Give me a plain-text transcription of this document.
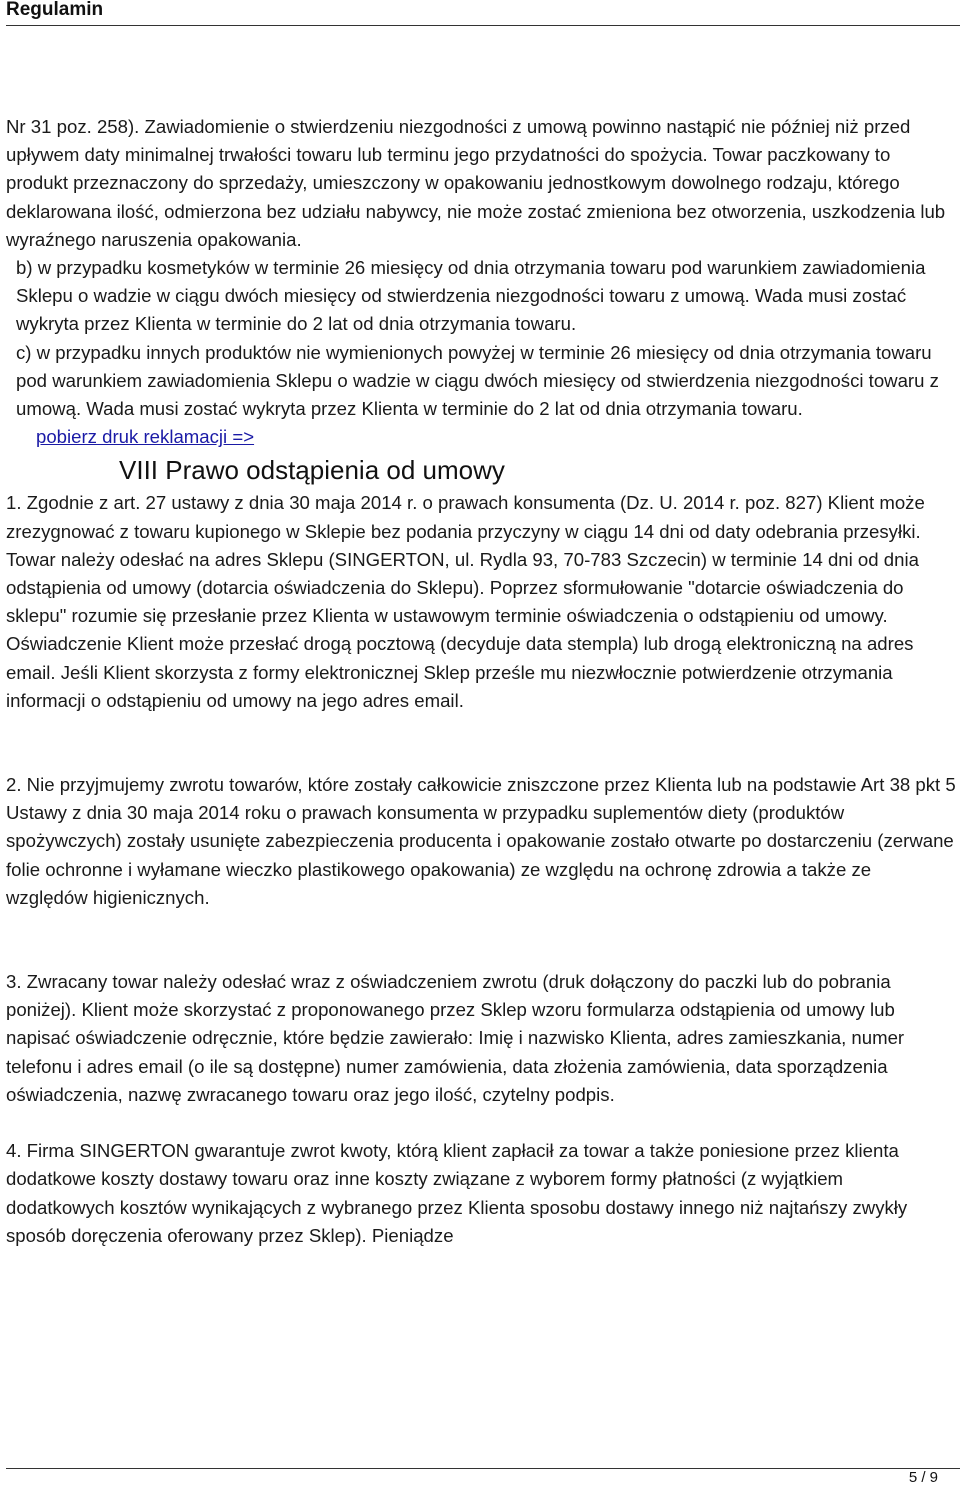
Regulamin

Nr 31 poz. 258). Zawiadomienie o stwierdzeniu niezgodności z umową powinno nastąpić nie później niż przed upływem daty minimalnej trwałości towaru lub terminu jego przydatności do spożycia. Towar paczkowany to produkt przeznaczony do sprzedaży, umieszczony w opakowaniu jednostkowym dowolnego rodzaju, którego deklarowana ilość, odmierzona bez udziału nabywcy, nie może zostać zmieniona bez otworzenia, uszkodzenia lub wyraźnego naruszenia opakowania.

b) w przypadku kosmetyków w terminie 26 miesięcy od dnia otrzymania towaru pod warunkiem zawiadomienia Sklepu o wadzie w ciągu dwóch miesięcy od stwierdzenia niezgodności towaru z umową. Wada musi zostać wykryta przez Klienta w terminie do 2 lat od dnia otrzymania towaru.

c) w przypadku innych produktów nie wymienionych powyżej w terminie 26 miesięcy od dnia otrzymania towaru pod warunkiem zawiadomienia Sklepu o wadzie w ciągu dwóch miesięcy od stwierdzenia niezgodności towaru z umową. Wada musi zostać wykryta przez Klienta w terminie do 2 lat od dnia otrzymania towaru.

pobierz druk reklamacji =>

VIII Prawo odstąpienia od umowy

1. Zgodnie z art. 27 ustawy z dnia 30 maja 2014 r. o prawach konsumenta (Dz. U. 2014 r. poz. 827) Klient może zrezygnować z towaru kupionego w Sklepie bez podania przyczyny w ciągu 14 dni od daty odebrania przesyłki. Towar należy odesłać na adres Sklepu (SINGERTON, ul. Rydla 93, 70-783 Szczecin) w terminie 14 dni od dnia odstąpienia od umowy (dotarcia oświadczenia do Sklepu). Poprzez sformułowanie "dotarcie oświadczenia do sklepu" rozumie się przesłanie przez Klienta w ustawowym terminie oświadczenia o odstąpieniu od umowy. Oświadczenie Klient może przesłać drogą pocztową (decyduje data stempla) lub drogą elektroniczną na adres email. Jeśli Klient skorzysta z formy elektronicznej Sklep prześle mu niezwłocznie potwierdzenie otrzymania informacji o odstąpieniu od umowy na jego adres email.

2. Nie przyjmujemy zwrotu towarów, które zostały całkowicie zniszczone przez Klienta lub na podstawie Art 38 pkt 5 Ustawy z dnia 30 maja 2014 roku o prawach konsumenta w przypadku suplementów diety (produktów spożywczych) zostały usunięte zabezpieczenia producenta i opakowanie zostało otwarte po dostarczeniu (zerwane folie ochronne i wyłamane wieczko plastikowego opakowania) ze względu na ochronę zdrowia a także ze względów higienicznych.

3. Zwracany towar należy odesłać wraz z oświadczeniem zwrotu (druk dołączony do paczki lub do pobrania poniżej). Klient może skorzystać z proponowanego przez Sklep wzoru formularza odstąpienia od umowy lub napisać oświadczenie odręcznie, które będzie zawierało: Imię i nazwisko Klienta, adres zamieszkania, numer telefonu i adres email (o ile są dostępne) numer zamówienia, data złożenia zamówienia, data sporządzenia oświadczenia, nazwę zwracanego towaru oraz jego ilość, czytelny podpis.

4. Firma SINGERTON gwarantuje zwrot kwoty, którą klient zapłacił za towar a także poniesione przez klienta dodatkowe koszty dostawy towaru oraz inne koszty związane z wyborem formy płatności (z wyjątkiem dodatkowych kosztów wynikających z wybranego przez Klienta sposobu dostawy innego niż najtańszy zwykły sposób doręczenia oferowany przez Sklep). Pieniądze

5 / 9
